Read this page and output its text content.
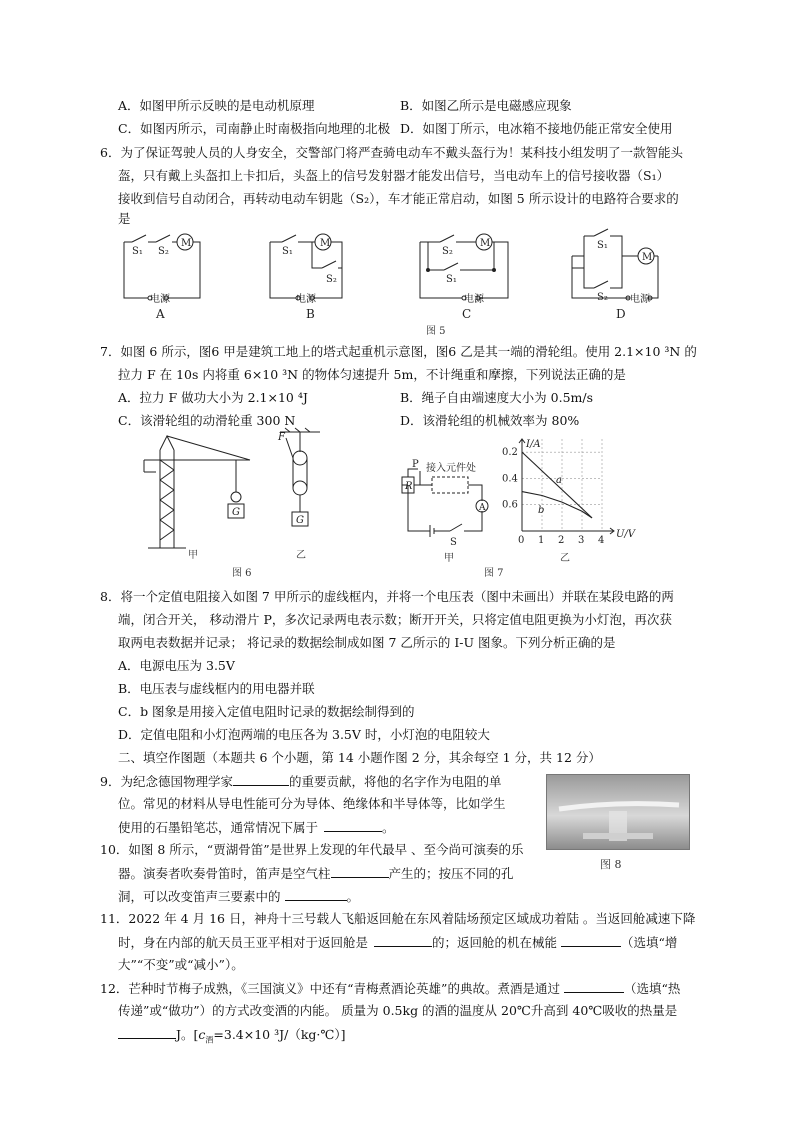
A．如图甲所示反映的是电动机原理	B．如图乙所示是电磁感应现象
C．如图丙所示，司南静止时南极指向地理的北极 D．如图丁所示，电冰箱不接地仍能正常安全使用
6．为了保证驾驶人员的人身安全，交警部门将严查骑电动车不戴头盔行为！某科技小组发明了一款智能头
盔，只有戴上头盔扣上卡扣后，头盔上的信号发射器才能发出信号，当电动车上的信号接收器（S₁）
接收到信号自动闭合，再转动电动车钥匙（S₂），车才能正常启动，如图 5 所示设计的电路符合要求的
是
S₁ S₂
M
电源
S₁
M
S₂
电源
S₂
M
S₁
电源
S₁
S₂
M
电源
A	B	C	D
图 5
7．如图 6 所示，图6 甲是建筑工地上的塔式起重机示意图，图6 乙是其一端的滑轮组。使用 2.1×10 ³N 的
拉力 F 在 10s 内将重 6×10 ³N 的物体匀速提升 5m，不计绳重和摩擦，下列说法正确的是
A．拉力 F 做功大小为 2.1×10 ⁴J	B．绳子自由端速度大小为 0.5m/s
C．该滑轮组的动滑轮重 300 N	D．该滑轮组的机械效率为 80%
G
G
F
甲	乙
图 6
接入元件处
R
P
A
S
甲
I/A
U/V
0.6
0.4
0.2
0 1 2 3 4
a
b
乙
图 7
8．将一个定值电阻接入如图 7 甲所示的虚线框内，并将一个电压表（图中未画出）并联在某段电路的两
端，闭合开关， 移动滑片 P，多次记录两电表示数；断开开关，只将定值电阻更换为小灯泡，再次获
取两电表数据并记录； 将记录的数据绘制成如图 7 乙所示的 I-U 图象。下列分析正确的是
A．电源电压为 3.5V
B．电压表与虚线框内的用电器并联
C．b 图象是用接入定值电阻时记录的数据绘制得到的
D．定值电阻和小灯泡两端的电压各为 3.5V 时，小灯泡的电阻较大
二、填空作图题（本题共 6 个小题，第 14 小题作图 2 分，其余每空 1 分，共 12 分）
9．为纪念德国物理学家	的重要贡献，将他的名字作为电阻的单
位。常见的材料从导电性能可分为导体、绝缘体和半导体等，比如学生
使用的石墨铅笔芯，通常情况下属于	。
图 8
10．如图 8 所示，“贾湖骨笛”是世界上发现的年代最早 、至今尚可演奏的乐
器。演奏者吹奏骨笛时，笛声是空气柱	产生的；按压不同的孔
洞，可以改变笛声三要素中的	。
11．2022 年 4 月 16 日，神舟十三号载人飞船返回舱在东风着陆场预定区域成功着陆 。当返回舱减速下降
时，身在内部的航天员王亚平相对于返回舱是	的；返回舱的机在械能	（选填“增
大”“不变”或“减小”）。
12．芒种时节梅子成熟，《三国演义》中还有“青梅煮酒论英雄”的典故。煮酒是通过	（选填“热
传递”或“做功”）的方式改变酒的内能。 质量为 0.5kg 的酒的温度从 20℃升高到 40℃吸收的热量是
J。[$c_酒=3.4\times 10$ ³J/（kg·℃）]
